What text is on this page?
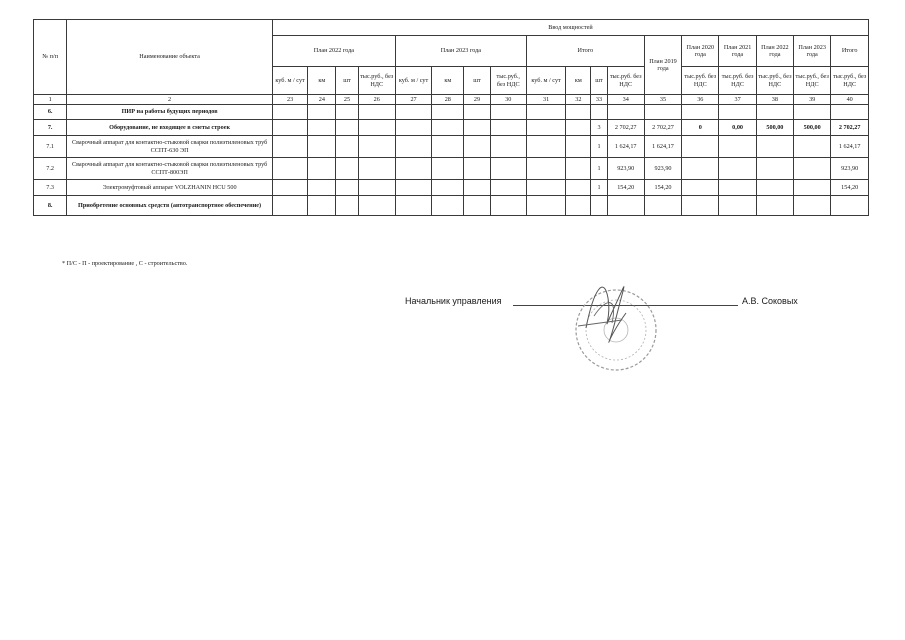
№ п/п	Наименование объекта	Ввод мощностей																	
		План 2022 года				План 2023 года				Итого				План 2019 года	План 2020 года	План 2021 года	План 2022 года	План 2023 года	Итого
		куб. м / сут	км	шт	тыс.руб., без НДС	куб. м / сут	км	шт	тыс.руб., без НДС	куб. м / сут	км	шт	тыс.руб. без НДС		тыс.руб. без НДС	тыс.руб. без НДС	тыс.руб., без НДС	тыс.руб., без НДС	тыс.руб., без НДС
1	2	23	24	25	26	27	28	29	30	31	32	33	34	35	36	37	38	39	40
6.	ПИР на работы будущих периодов																		
7.	Оборудование, не входящее в сметы строек											3	2 702,27	2 702,27	0	0,00	500,00	500,00	2 702,27
7.1	Сварочный аппарат для контактно-стыковой сварки полиэтиленовых труб ССПТ-630 ЭП											1	1 624,17	1 624,17					1 624,17
7.2	Сварочный аппарат для контактно-стыковой сварки полиэтиленовых труб ССПТ-800ЭП											1	923,90	923,90					923,90
7.3	Электромуфтовый аппарат VOLZHANIN HCU 500											1	154,20	154,20					154,20
8.	Приобретение основных средств (автотранспортное обеспечение)																		
* П/С - П - проектирование , С - строительство.
Начальник управления	А.В. Соковых
